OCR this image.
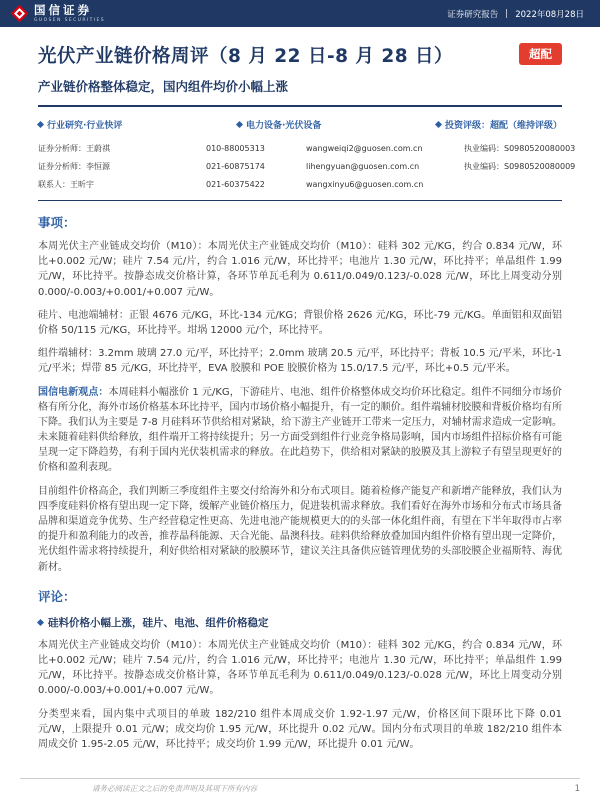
国信证券
GUOSEN SECURITIES
证券研究报告 2022年08月28日
光伏产业链价格周评（8 月 22 日-8 月 28 日）	超配
产业链价格整体稳定，国内组件均价小幅上涨
行业研究·行业快评	电力设备·光伏设备	投资评级：超配（维持评级）
证券分析师：王蔚祺	010-88005313	wangweiqi2@guosen.com.cn	执业编码：S0980520080003
证券分析师：李恒源	021-60875174	lihengyuan@guosen.com.cn	执业编码：S0980520080009
联系人：王昕宇	021-60375422	wangxinyu6@guosen.com.cn
事项：

本周光伏主产业链成交均价（M10）：本周光伏主产业链成交均价（M10）：硅料 302 元/KG，约合 0.834 元/W，环比+0.002 元/W；硅片 7.54 元/片，约合 1.016 元/W，环比持平；电池片 1.30 元/W，环比持平；单晶组件 1.99 元/W，环比持平。按静态成交价格计算，各环节单瓦毛利为 0.611/0.049/0.123/-0.028 元/W，环比上周变动分别 0.000/-0.003/+0.001/+0.007 元/W。

硅片、电池端辅材：正银 4676 元/KG，环比-134 元/KG；背银价格 2626 元/KG，环比-79 元/KG。单面铝和双面铝价格 50/115 元/KG，环比持平。坩埚 12000 元/个，环比持平。

组件端辅材：3.2mm 玻璃 27.0 元/平，环比持平；2.0mm 玻璃 20.5 元/平，环比持平；背板 10.5 元/平米，环比-1 元/平米；焊带 85 元/KG，环比持平，EVA 胶膜和 POE 胶膜价格为 15.0/17.5 元/平，环比+0.5 元/平米。

国信电新观点：本周硅料小幅涨价 1 元/KG，下游硅片、电池、组件价格整体成交均价环比稳定。组件不同细分市场价格有所分化，海外市场价格基本环比持平，国内市场价格小幅提升，有一定的顺价。组件端辅材胶膜和背板价格均有所下降。我们认为主要是 7-8 月硅料环节供给相对紧缺，给下游主产业链开工带来一定压力，对辅材需求造成一定影响。未来随着硅料供给释放，组件端开工将持续提升；另一方面受到组件行业竞争格局影响，国内市场组件招标价格有可能呈现一定下降趋势，有利于国内光伏装机需求的释放。在此趋势下，供给相对紧缺的胶膜及其上游粒子有望呈现更好的价格和盈利表现。

目前组件价格高企，我们判断三季度组件主要交付给海外和分布式项目。随着检修产能复产和新增产能释放，我们认为四季度硅料价格有望出现一定下降，缓解产业链价格压力，促进装机需求释放。我们看好在海外市场和分布式市场具备品牌和渠道竞争优势、生产经营稳定性更高、先进电池产能规模更大的的头部一体化组件商，有望在下半年取得市占率的提升和盈利能力的改善，推荐晶科能源、天合光能、晶澳科技。硅料供给释放叠加国内组件价格有望出现一定降价，光伏组件需求将持续提升，利好供给相对紧缺的胶膜环节，建议关注具备供应链管理优势的头部胶膜企业福斯特、海优新材。

评论：
硅料价格小幅上涨，硅片、电池、组件价格稳定

本周光伏主产业链成交均价（M10）：本周光伏主产业链成交均价（M10）：硅料 302 元/KG，约合 0.834 元/W，环比+0.002 元/W；硅片 7.54 元/片，约合 1.016 元/W，环比持平；电池片 1.30 元/W，环比持平；单晶组件 1.99 元/W，环比持平。按静态成交价格计算，各环节单瓦毛利为 0.611/0.049/0.123/-0.028 元/W，环比上周变动分别 0.000/-0.003/+0.001/+0.007 元/W。

分类型来看，国内集中式项目的单玻 182/210 组件本周成交价 1.92-1.97 元/W，价格区间下限环比下降 0.01 元/W，上限提升 0.01 元/W；成交均价 1.95 元/W，环比提升 0.02 元/W。国内分布式项目的单玻 182/210 组件本周成交价 1.95-2.05 元/W，环比持平；成交均价 1.99 元/W，环比提升 0.01 元/W。

请务必阅读正文之后的免责声明及其项下所有内容	1
